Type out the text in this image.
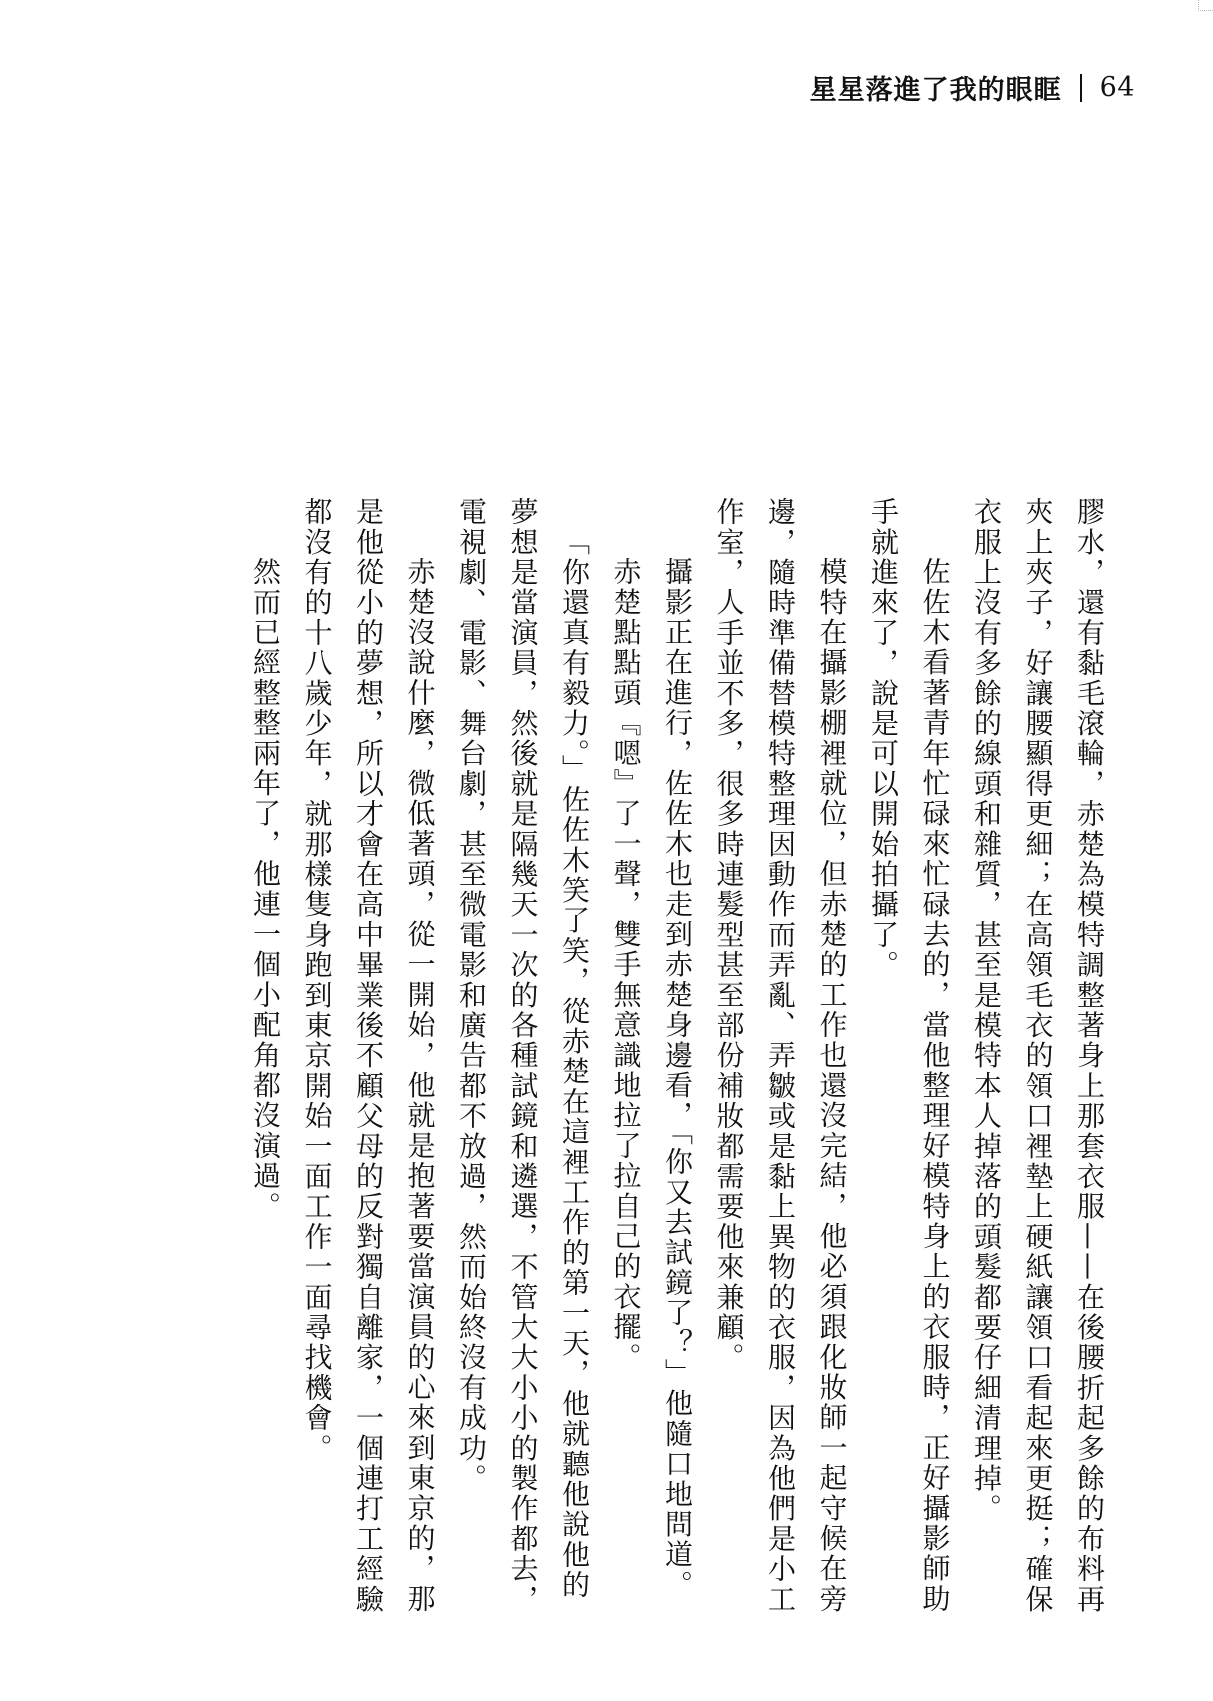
星星落進了我的眼眶 64

膠水，還有黏毛滾輪，赤楚為模特調整著身上那套衣服——在後腰折起多餘的布料再夾上夾子，好讓腰顯得更細；在高領毛衣的領口裡墊上硬紙讓領口看起來更挺；確保衣服上沒有多餘的線頭和雜質，甚至是模特本人掉落的頭髮都要仔細清理掉。

佐佐木看著青年忙碌來忙碌去的，當他整理好模特身上的衣服時，正好攝影師助手就進來了，說是可以開始拍攝了。

模特在攝影棚裡就位，但赤楚的工作也還沒完結，他必須跟化妝師一起守候在旁邊，隨時準備替模特整理因動作而弄亂、弄皺或是黏上異物的衣服，因為他們是小工作室，人手並不多，很多時連髮型甚至部份補妝都需要他來兼顧。

攝影正在進行，佐佐木也走到赤楚身邊看，「你又去試鏡了？」他隨口地問道。

赤楚點點頭『嗯』了一聲，雙手無意識地拉了拉自己的衣擺。

「你還真有毅力。」佐佐木笑了笑，從赤楚在這裡工作的第一天，他就聽他說他的夢想是當演員，然後就是隔幾天一次的各種試鏡和遴選，不管大大小小的製作都去，電視劇、電影、舞台劇，甚至微電影和廣告都不放過，然而始終沒有成功。

赤楚沒說什麼，微低著頭，從一開始，他就是抱著要當演員的心來到東京的，那是他從小的夢想，所以才會在高中畢業後不顧父母的反對獨自離家，一個連打工經驗都沒有的十八歲少年，就那樣隻身跑到東京開始一面工作一面尋找機會。

然而已經整整兩年了，他連一個小配角都沒演過。
